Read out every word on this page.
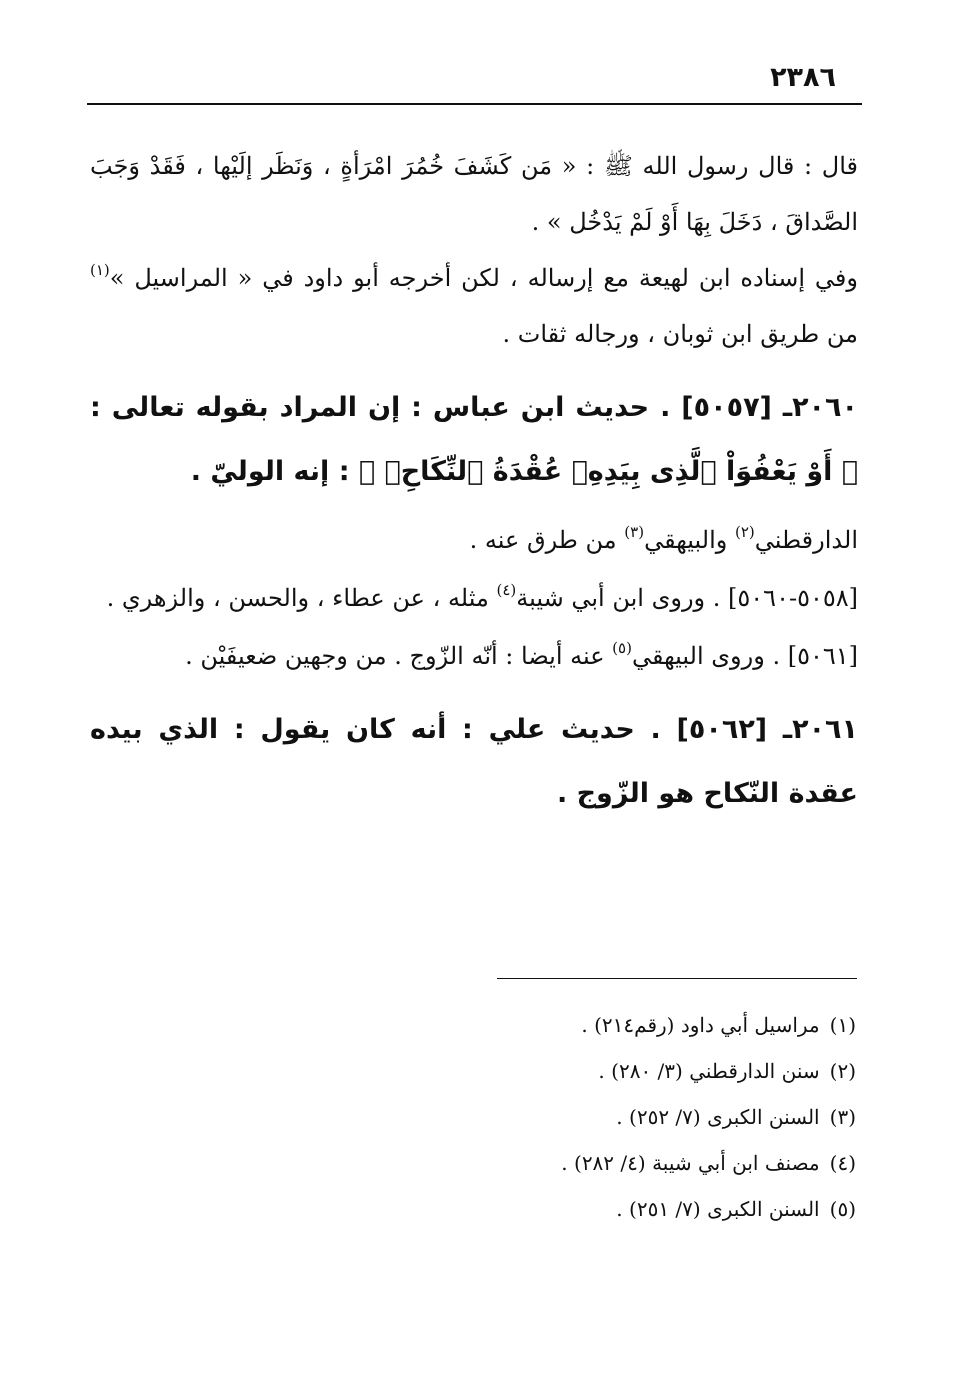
٢٣٨٦

قال : قال رسول الله ﷺ : « مَن كَشَفَ خُمُرَ امْرَأةٍ ، وَنَظَر إلَيْها ، فَقَدْ وَجَبَ الصَّداقَ ، دَخَلَ بِهَا أَوْ لَمْ يَدْخُل » .

وفي إسناده ابن لهيعة مع إرساله ، لكن أخرجه أبو داود في « المراسيل »$^{(١)}$ من طريق ابن ثوبان ، ورجاله ثقات .

٢٠٦٠ـ [٥٠٥٧] . حديث ابن عباس : إن المراد بقوله تعالى : ﴿ أَوْ يَعْفُوَاْ ٱلَّذِى بِيَدِهِۦ عُقْدَةُ ٱلنِّكَاحِۚ ﴾ : إنه الوليّ .

الدارقطني$^{(٢)}$ والبيهقي$^{(٣)}$ من طرق عنه .

[٥٠٥٨-٥٠٦٠] . وروى ابن أبي شيبة$^{(٤)}$ مثله ، عن عطاء ، والحسن ، والزهري .

[٥٠٦١] . وروى البيهقي$^{(٥)}$ عنه أيضا : أنّه الزّوج . من وجهين ضعيفَيْن .

٢٠٦١ـ [٥٠٦٢] . حديث علي : أنه كان يقول : الذي بيده عقدة النّكاح هو الزّوج .
(١)مراسيل أبي داود (رقم٢١٤) .
(٢)سنن الدارقطني (٣/ ٢٨٠) .
(٣)السنن الكبرى (٧/ ٢٥٢) .
(٤)مصنف ابن أبي شيبة (٤/ ٢٨٢) .
(٥)السنن الكبرى (٧/ ٢٥١) .
